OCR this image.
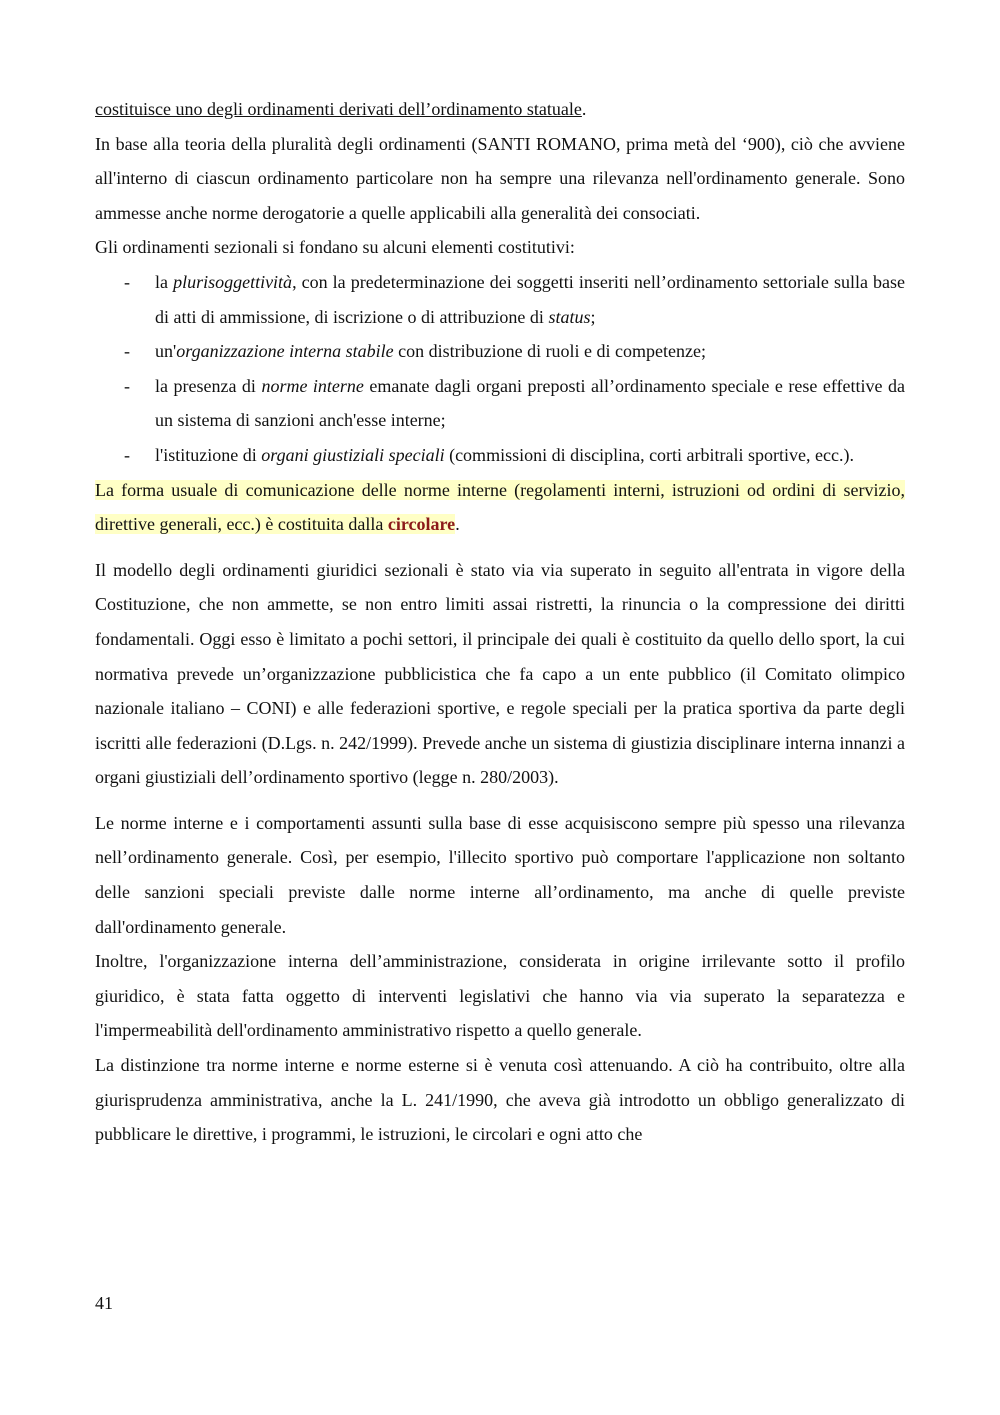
costituisce uno degli ordinamenti derivati dell’ordinamento statuale.

In base alla teoria della pluralità degli ordinamenti (SANTI ROMANO, prima metà del ‘900), ciò che avviene all'interno di ciascun ordinamento particolare non ha sempre una rilevanza nell'ordinamento generale. Sono ammesse anche norme derogatorie a quelle applicabili alla generalità dei consociati.

Gli ordinamenti sezionali si fondano su alcuni elementi costitutivi:

- la plurisoggettività, con la predeterminazione dei soggetti inseriti nell’ordinamento settoriale sulla base di atti di ammissione, di iscrizione o di attribuzione di status;
- un'organizzazione interna stabile con distribuzione di ruoli e di competenze;
- la presenza di norme interne emanate dagli organi preposti all’ordinamento speciale e rese effettive da un sistema di sanzioni anch'esse interne;
- l'istituzione di organi giustiziali speciali (commissioni di disciplina, corti arbitrali sportive, ecc.).

La forma usuale di comunicazione delle norme interne (regolamenti interni, istruzioni od ordini di servizio, direttive generali, ecc.) è costituita dalla circolare.

Il modello degli ordinamenti giuridici sezionali è stato via via superato in seguito all'entrata in vigore della Costituzione, che non ammette, se non entro limiti assai ristretti, la rinuncia o la compressione dei diritti fondamentali. Oggi esso è limitato a pochi settori, il principale dei quali è costituito da quello dello sport, la cui normativa prevede un’organizzazione pubblicistica che fa capo a un ente pubblico (il Comitato olimpico nazionale italiano – CONI) e alle federazioni sportive, e regole speciali per la pratica sportiva da parte degli iscritti alle federazioni (D.Lgs. n. 242/1999). Prevede anche un sistema di giustizia disciplinare interna innanzi a organi giustiziali dell’ordinamento sportivo (legge n. 280/2003).

Le norme interne e i comportamenti assunti sulla base di esse acquisiscono sempre più spesso una rilevanza nell’ordinamento generale. Così, per esempio, l'illecito sportivo può comportare l'applicazione non soltanto delle sanzioni speciali previste dalle norme interne all’ordinamento, ma anche di quelle previste dall'ordinamento generale.

Inoltre, l'organizzazione interna dell’amministrazione, considerata in origine irrilevante sotto il profilo giuridico, è stata fatta oggetto di interventi legislativi che hanno via via superato la separatezza e l'impermeabilità dell'ordinamento amministrativo rispetto a quello generale.

La distinzione tra norme interne e norme esterne si è venuta così attenuando. A ciò ha contribuito, oltre alla giurisprudenza amministrativa, anche la L. 241/1990, che aveva già introdotto un obbligo generalizzato di pubblicare le direttive, i programmi, le istruzioni, le circolari e ogni atto che

41
